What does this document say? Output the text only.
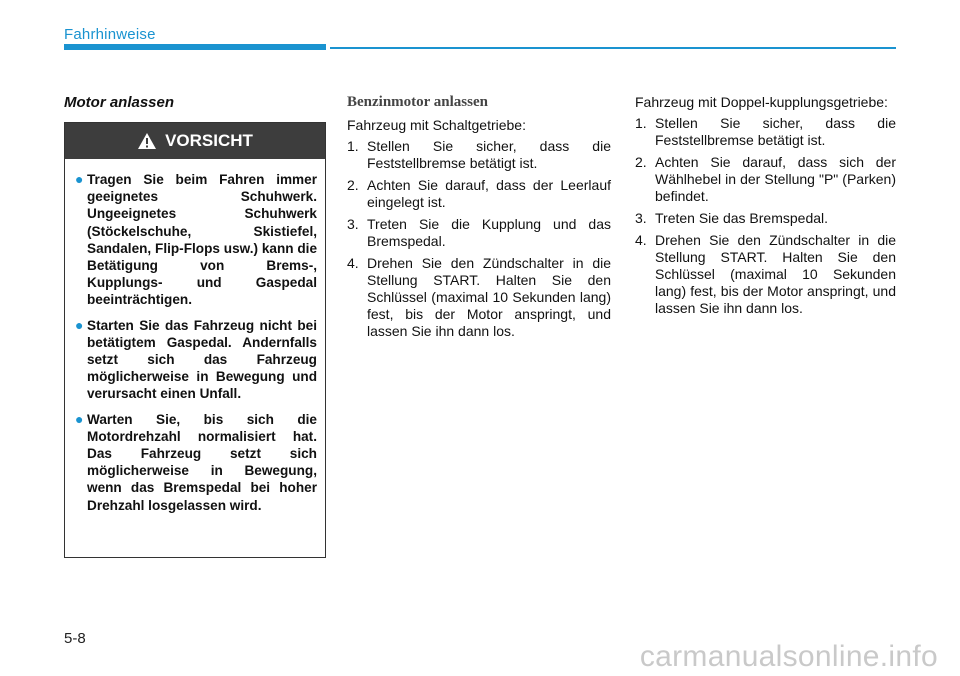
Fahrhinweise
Motor anlassen
VORSICHT
● Tragen Sie beim Fahren immer geeignetes Schuhwerk. Ungeeignetes Schuhwerk (Stöckelschuhe, Skistiefel, Sandalen, Flip-Flops usw.) kann die Betätigung von Brems-, Kupplungs- und Gaspedal beeinträchtigen.
● Starten Sie das Fahrzeug nicht bei betätigtem Gaspedal. Andernfalls setzt sich das Fahrzeug möglicherweise in Bewegung und verursacht einen Unfall.
● Warten Sie, bis sich die Motordrehzahl normalisiert hat. Das Fahrzeug setzt sich möglicherweise in Bewegung, wenn das Bremspedal bei hoher Drehzahl losgelassen wird.
Benzinmotor anlassen

Fahrzeug mit Schaltgetriebe:

1. Stellen Sie sicher, dass die Feststellbremse betätigt ist.
2. Achten Sie darauf, dass der Leerlauf eingelegt ist.
3. Treten Sie die Kupplung und das Bremspedal.
4. Drehen Sie den Zündschalter in die Stellung START. Halten Sie den Schlüssel (maximal 10 Sekunden lang) fest, bis der Motor anspringt, und lassen Sie ihn dann los.

Fahrzeug mit Doppel-kupplungsgetriebe:

1. Stellen Sie sicher, dass die Feststellbremse betätigt ist.
2. Achten Sie darauf, dass sich der Wählhebel in der Stellung "P" (Parken) befindet.
3. Treten Sie das Bremspedal.
4. Drehen Sie den Zündschalter in die Stellung START. Halten Sie den Schlüssel (maximal 10 Sekunden lang) fest, bis der Motor anspringt, und lassen Sie ihn dann los.
5-8
carmanualsonline.info
